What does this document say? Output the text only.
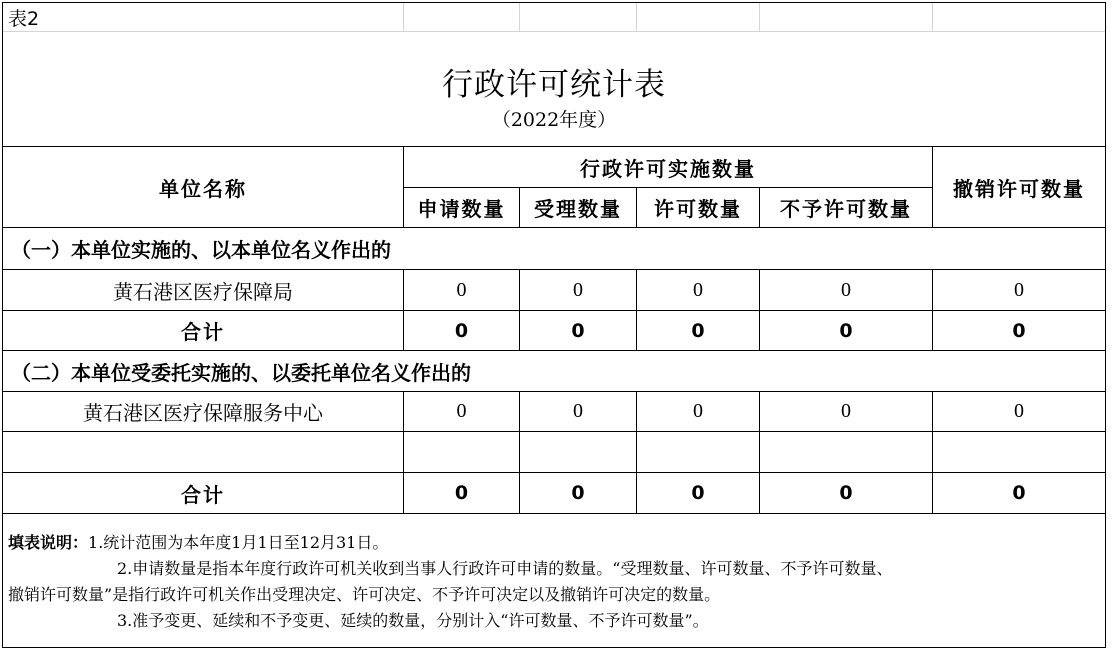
表2
行政许可统计表
（2022年度）
单位名称
行政许可实施数量
撤销许可数量
申请数量	受理数量	许可数量	不予许可数量
（一）本单位实施的、以本单位名义作出的
黄石港区医疗保障局	0	0	0	0	0
合计	0	0	0	0	0
（二）本单位受委托实施的、以委托单位名义作出的
黄石港区医疗保障服务中心	0	0	0	0	0
合计	0	0	0	0	0
填表说明：1.统计范围为本年度1月1日至12月31日。
2.申请数量是指本年度行政许可机关收到当事人行政许可申请的数量。“受理数量、许可数量、不予许可数量、
撤销许可数量”是指行政许可机关作出受理决定、许可决定、不予许可决定以及撤销许可决定的数量。
3.准予变更、延续和不予变更、延续的数量，分别计入“许可数量、不予许可数量”。
